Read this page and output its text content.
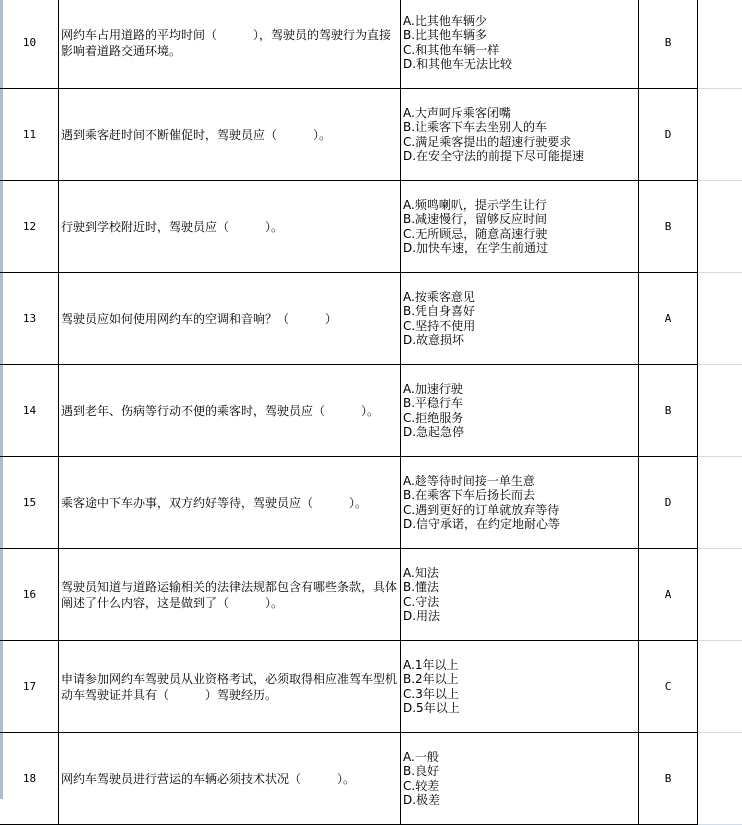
10
网约车占用道路的平均时间（　　　），驾驶员的驾驶行为直接影响着道路交通环境。
A.比其他车辆少
B.比其他车辆多
C.和其他车辆一样
D.和其他车无法比较
B
11 遇到乘客赶时间不断催促时，驾驶员应（　　　）。
A.大声呵斥乘客闭嘴
B.让乘客下车去坐别人的车
C.满足乘客提出的超速行驶要求
D.在安全守法的前提下尽可能提速
D
12 行驶到学校附近时，驾驶员应（　　　）。
A.频鸣喇叭，提示学生让行
B.减速慢行，留够反应时间
C.无所顾忌，随意高速行驶
D.加快车速，在学生前通过
B
13 驾驶员应如何使用网约车的空调和音响？（　　　）
A.按乘客意见
B.凭自身喜好
C.坚持不使用
D.故意损坏
A
14 遇到老年、伤病等行动不便的乘客时，驾驶员应（　　　）。
A.加速行驶
B.平稳行车
C.拒绝服务
D.急起急停
B
15 乘客途中下车办事，双方约好等待，驾驶员应（　　　）。
A.趁等待时间接一单生意
B.在乘客下车后扬长而去
C.遇到更好的订单就放弃等待
D.信守承诺，在约定地耐心等
D
16
驾驶员知道与道路运输相关的法律法规都包含有哪些条款，具体阐述了什么内容，这是做到了（　　　）。
A.知法
B.懂法
C.守法
D.用法
A
17
申请参加网约车驾驶员从业资格考试，必须取得相应准驾车型机动车驾驶证并具有（　　　）驾驶经历。
A.1年以上
B.2年以上
C.3年以上
D.5年以上
C
18 网约车驾驶员进行营运的车辆必须技术状况（　　　）。
A.一般
B.良好
C.较差
D.极差
B
